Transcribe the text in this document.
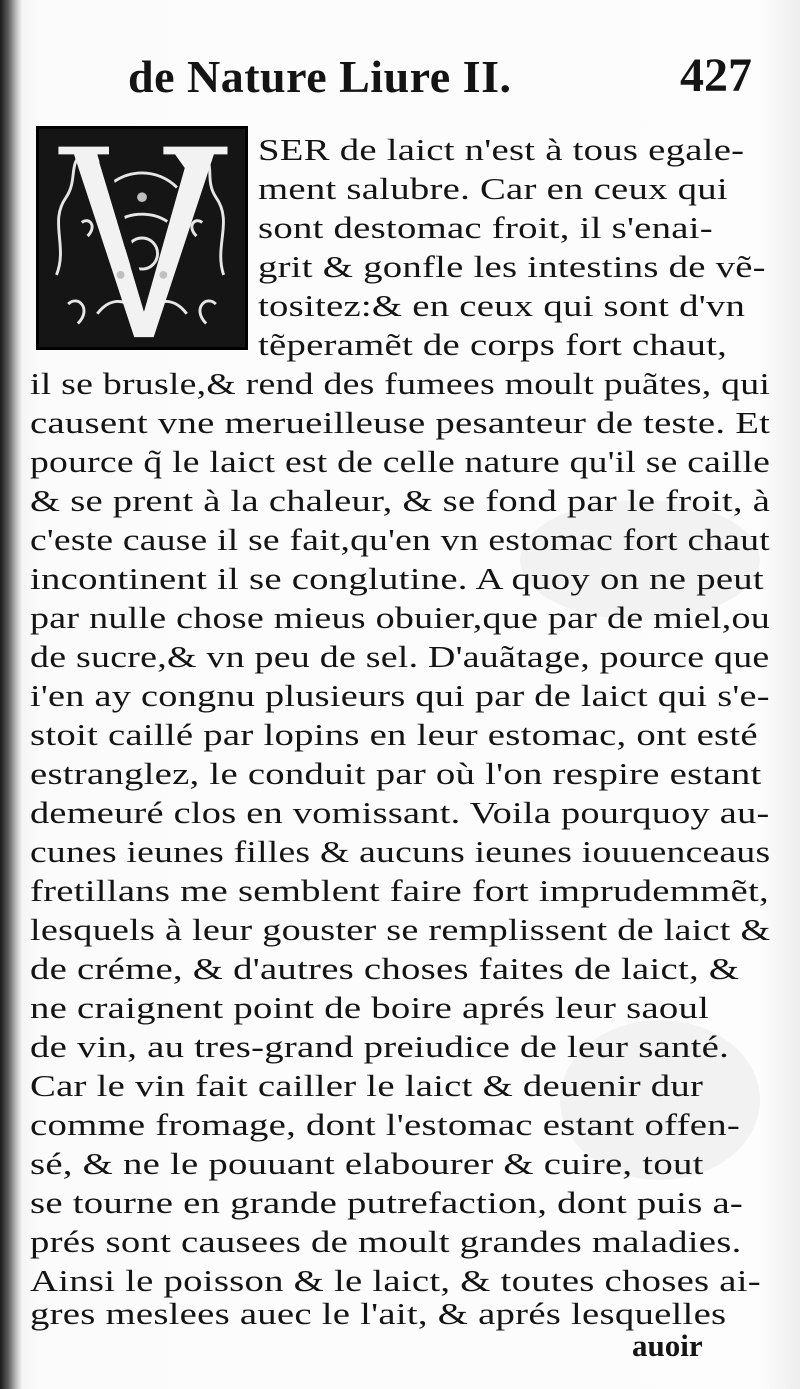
de Nature Liure II.	427
SER de laict n'est à tous egale-
ment salubre. Car en ceux qui
sont destomac froit, il s'enai-
grit & gonfle les intestins de vẽ-
tositez:& en ceux qui sont d'vn
tẽperamẽt de corps fort chaut,
il se brusle,& rend des fumees moult puãtes, qui
causent vne merueilleuse pesanteur de teste. Et
pource q̃ le laict est de celle nature qu'il se caille
& se prent à la chaleur, & se fond par le froit, à
c'este cause il se fait,qu'en vn estomac fort chaut
incontinent il se conglutine. A quoy on ne peut
par nulle chose mieus obuier,que par de miel,ou
de sucre,& vn peu de sel. D'auãtage, pource que
i'en ay congnu plusieurs qui par de laict qui s'e-
stoit caillé par lopins en leur estomac, ont esté
estranglez, le conduit par où l'on respire estant
demeuré clos en vomissant. Voila pourquoy au-
cunes ieunes filles & aucuns ieunes iouuenceaus
fretillans me semblent faire fort imprudemmẽt,
lesquels à leur gouster se remplissent de laict &
de créme, & d'autres choses faites de laict, &
ne craignent point de boire aprés leur saoul
de vin, au tres-grand preiudice de leur santé.
Car le vin fait cailler le laict & deuenir dur
comme fromage, dont l'estomac estant offen-
sé, & ne le pouuant elabourer & cuire, tout
se tourne en grande putrefaction, dont puis a-
prés sont causees de moult grandes maladies.
Ainsi le poisson & le laict, & toutes choses ai-
gres meslees auec le l'ait, & aprés lesquelles
auoir
